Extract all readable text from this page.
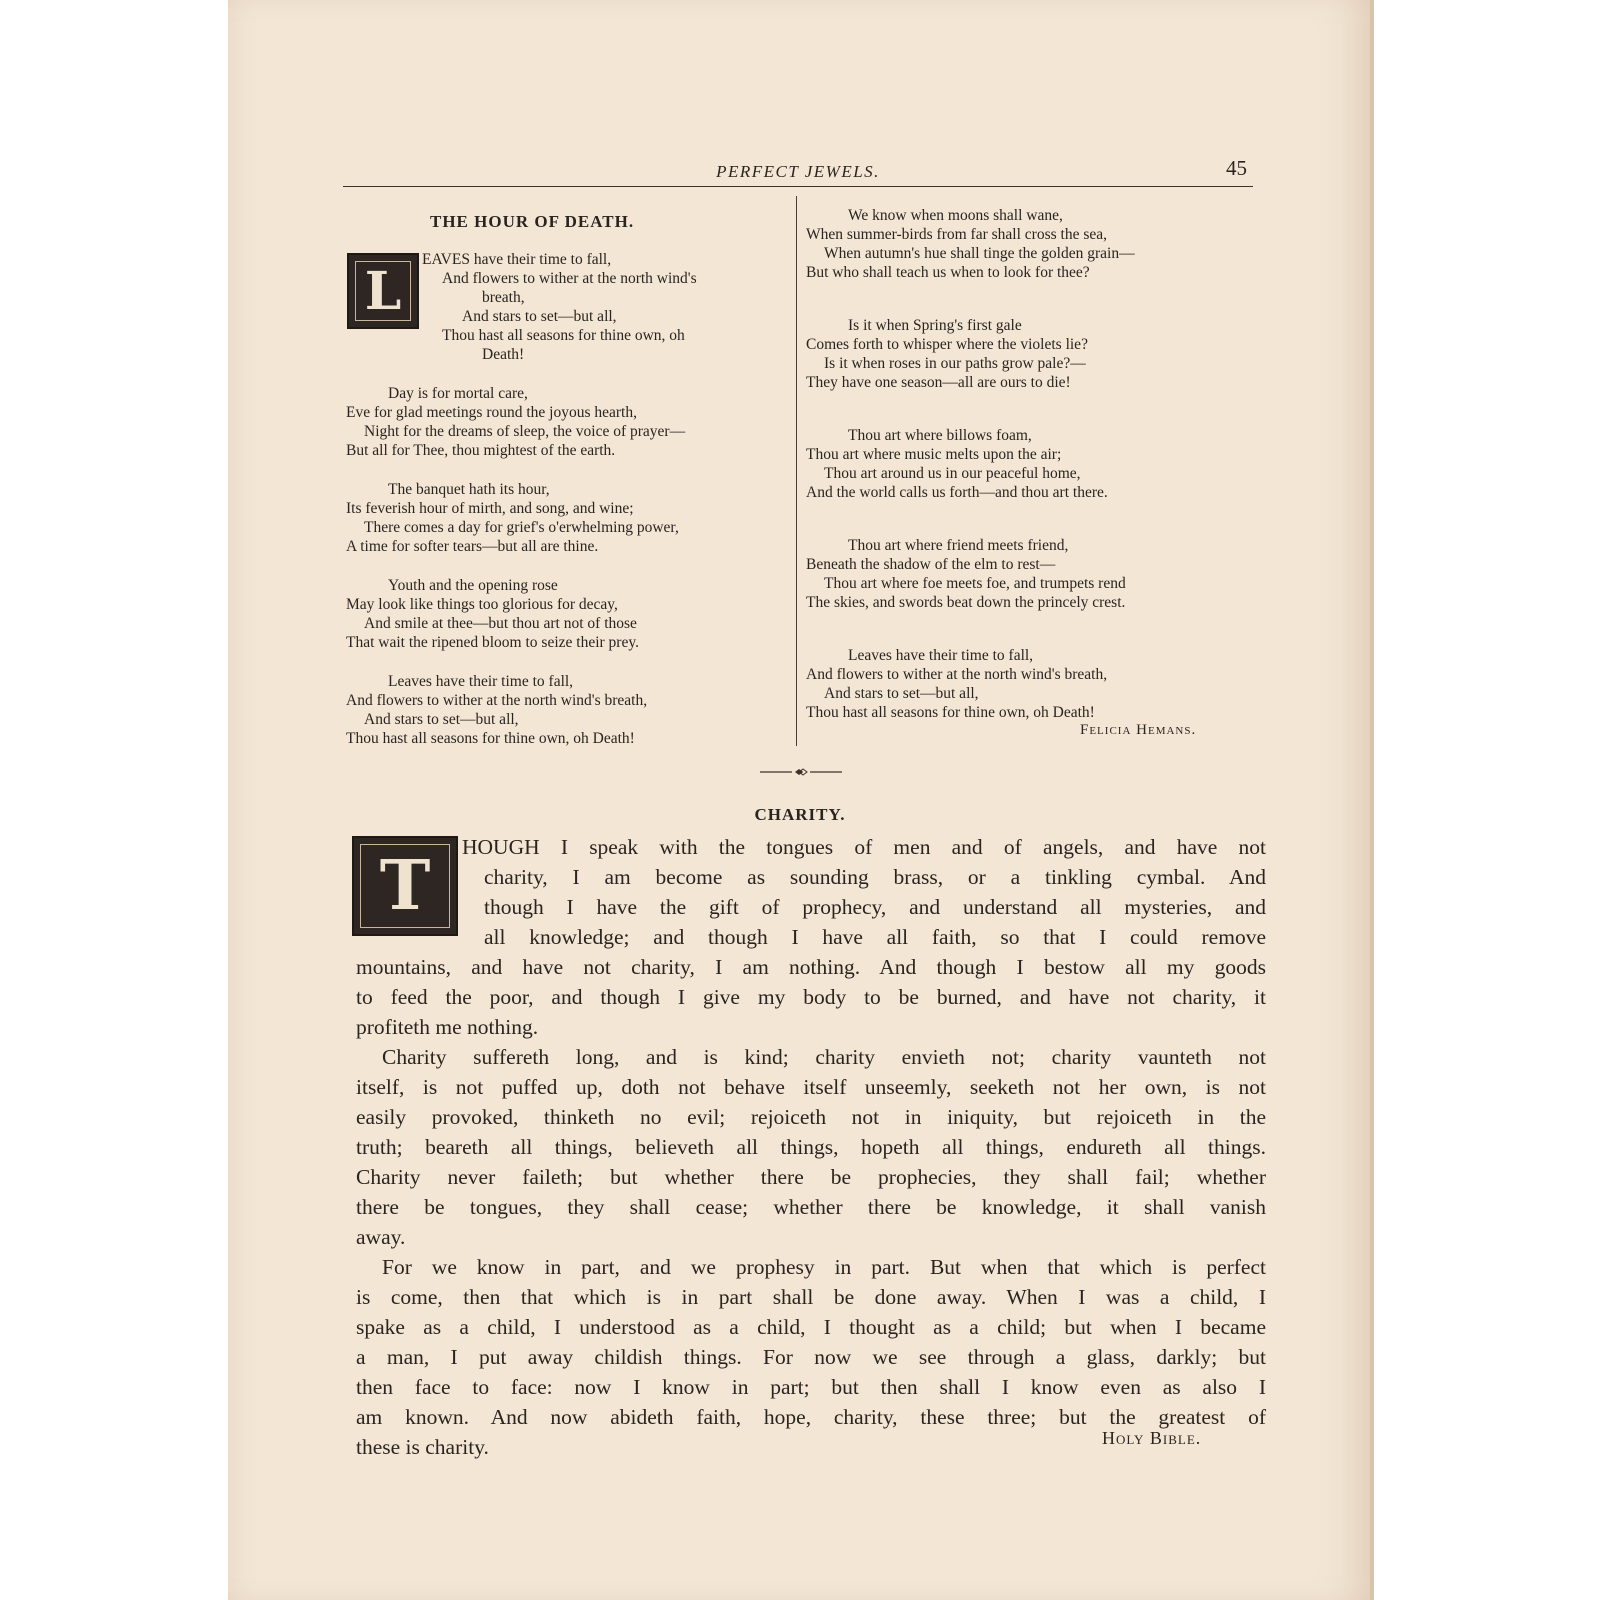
PERFECT JEWELS.	45
THE HOUR OF DEATH.
L
EAVES have their time to fall,
And flowers to wither at the north wind's
breath,
And stars to set—but all,
Thou hast all seasons for thine own, oh
Death!
Day is for mortal care,
Eve for glad meetings round the joyous hearth,
Night for the dreams of sleep, the voice of prayer—
But all for Thee, thou mightest of the earth.
The banquet hath its hour,
Its feverish hour of mirth, and song, and wine;
There comes a day for grief's o'erwhelming power,
A time for softer tears—but all are thine.
Youth and the opening rose
May look like things too glorious for decay,
And smile at thee—but thou art not of those
That wait the ripened bloom to seize their prey.
Leaves have their time to fall,
And flowers to wither at the north wind's breath,
And stars to set—but all,
Thou hast all seasons for thine own, oh Death!
We know when moons shall wane,
When summer-birds from far shall cross the sea,
When autumn's hue shall tinge the golden grain—
But who shall teach us when to look for thee?
Is it when Spring's first gale
Comes forth to whisper where the violets lie?
Is it when roses in our paths grow pale?—
They have one season—all are ours to die!
Thou art where billows foam,
Thou art where music melts upon the air;
Thou art around us in our peaceful home,
And the world calls us forth—and thou art there.
Thou art where friend meets friend,
Beneath the shadow of the elm to rest—
Thou art where foe meets foe, and trumpets rend
The skies, and swords beat down the princely crest.
Leaves have their time to fall,
And flowers to wither at the north wind's breath,
And stars to set—but all,
Thou hast all seasons for thine own, oh Death!
Felicia Hemans.
CHARITY.
T	HOUGH I speak with the tongues of men and of angels, and have not
charity, I am become as sounding brass, or a tinkling cymbal. And
though I have the gift of prophecy, and understand all mysteries, and
all knowledge; and though I have all faith, so that I could remove
mountains, and have not charity, I am nothing. And though I bestow all my goods
to feed the poor, and though I give my body to be burned, and have not charity, it
profiteth me nothing.
Charity suffereth long, and is kind; charity envieth not; charity vaunteth not
itself, is not puffed up, doth not behave itself unseemly, seeketh not her own, is not
easily provoked, thinketh no evil; rejoiceth not in iniquity, but rejoiceth in the
truth; beareth all things, believeth all things, hopeth all things, endureth all things.
Charity never faileth; but whether there be prophecies, they shall fail; whether
there be tongues, they shall cease; whether there be knowledge, it shall vanish
away.
For we know in part, and we prophesy in part. But when that which is perfect
is come, then that which is in part shall be done away. When I was a child, I
spake as a child, I understood as a child, I thought as a child; but when I became
a man, I put away childish things. For now we see through a glass, darkly; but
then face to face: now I know in part; but then shall I know even as also I
am known. And now abideth faith, hope, charity, these three; but the greatest of
these is charity.	Holy Bible.
